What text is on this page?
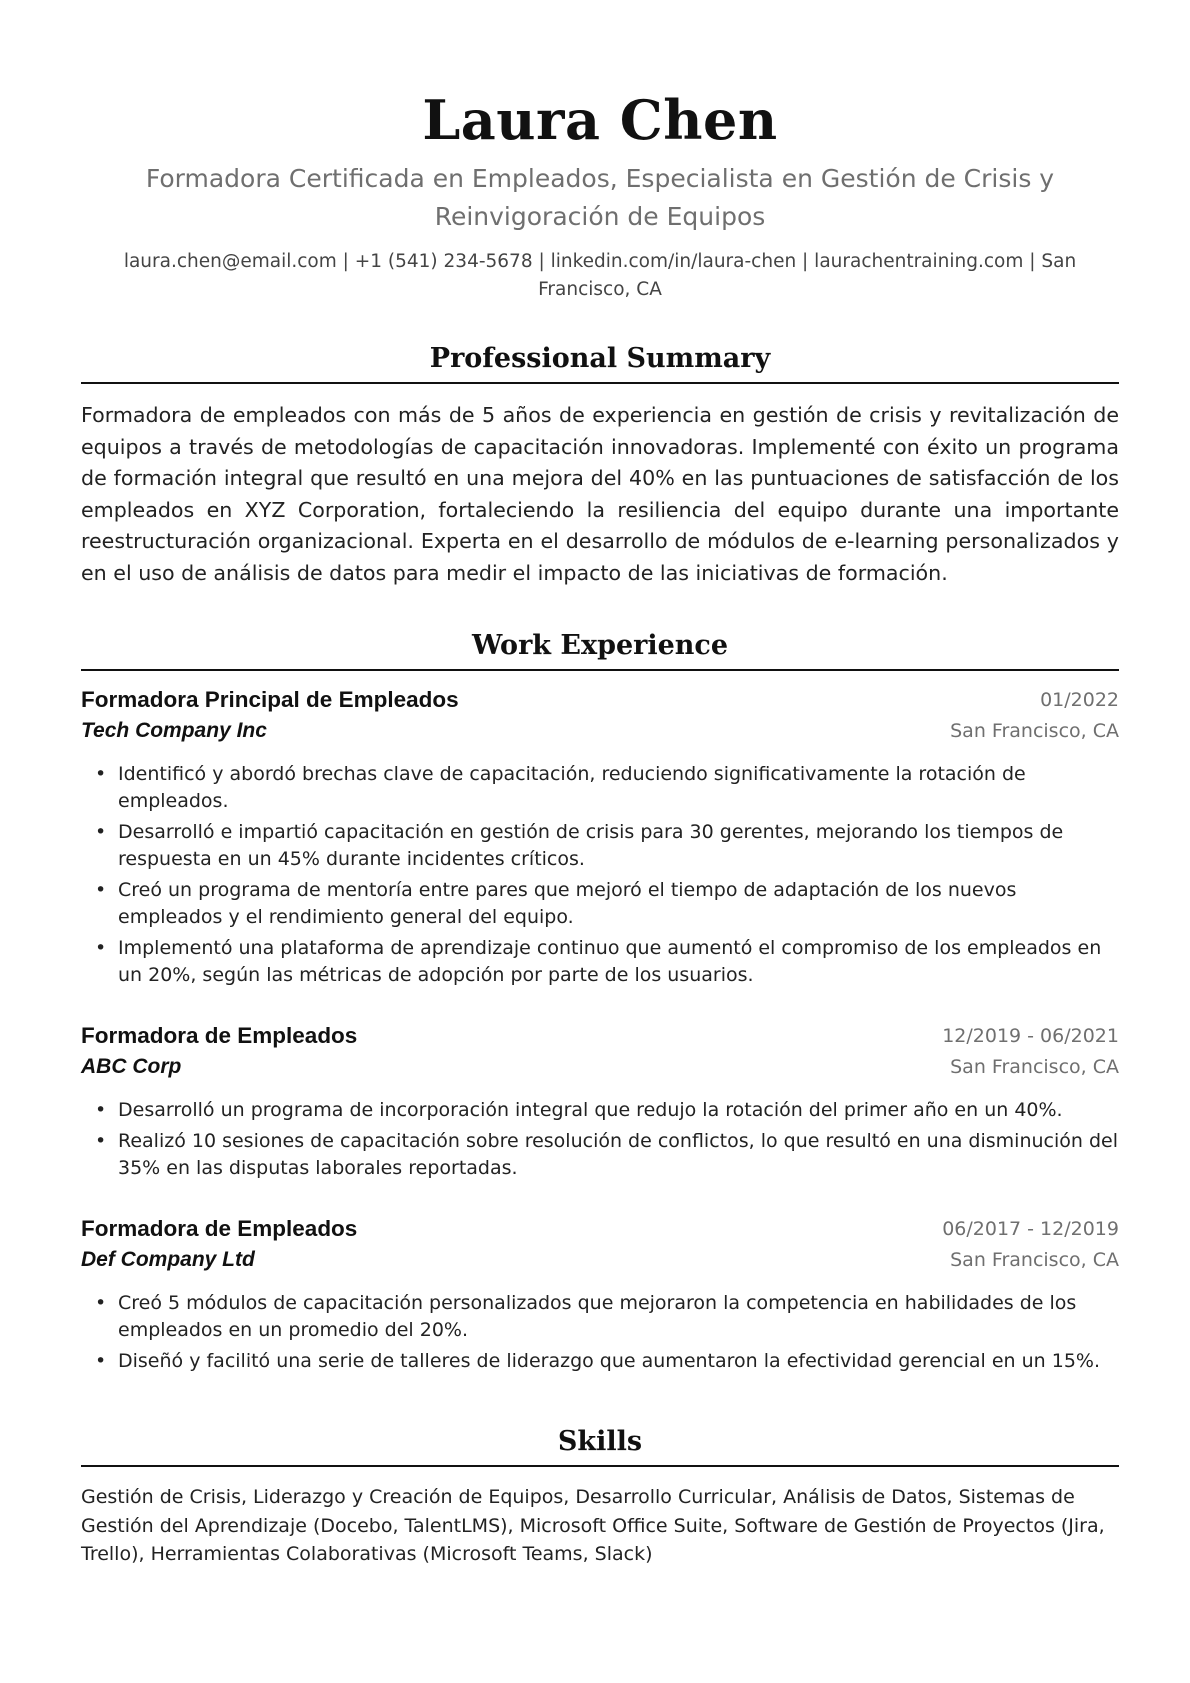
Laura Chen

Formadora Certificada en Empleados, Especialista en Gestión de Crisis y Reinvigoración de Equipos

laura.chen@email.com | +1 (541) 234-5678 | linkedin.com/in/laura-chen | laurachentraining.com | San Francisco, CA

Professional Summary

Formadora de empleados con más de 5 años de experiencia en gestión de crisis y revitalización de equipos a través de metodologías de capacitación innovadoras. Implementé con éxito un programa de formación integral que resultó en una mejora del 40% en las puntuaciones de satisfacción de los empleados en XYZ Corporation, fortaleciendo la resiliencia del equipo durante una importante reestructuración organizacional. Experta en el desarrollo de módulos de e-learning personalizados y en el uso de análisis de datos para medir el impacto de las iniciativas de formación.

Work Experience
Formadora Principal de Empleados
Tech Company Inc
01/2022
San Francisco, CA
• Identificó y abordó brechas clave de capacitación, reduciendo significativamente la rotación de empleados.
• Desarrolló e impartió capacitación en gestión de crisis para 30 gerentes, mejorando los tiempos de respuesta en un 45% durante incidentes críticos.
• Creó un programa de mentoría entre pares que mejoró el tiempo de adaptación de los nuevos empleados y el rendimiento general del equipo.
• Implementó una plataforma de aprendizaje continuo que aumentó el compromiso de los empleados en un 20%, según las métricas de adopción por parte de los usuarios.
Formadora de Empleados
ABC Corp
12/2019 - 06/2021
San Francisco, CA
• Desarrolló un programa de incorporación integral que redujo la rotación del primer año en un 40%.
• Realizó 10 sesiones de capacitación sobre resolución de conflictos, lo que resultó en una disminución del 35% en las disputas laborales reportadas.
Formadora de Empleados
Def Company Ltd
06/2017 - 12/2019
San Francisco, CA
• Creó 5 módulos de capacitación personalizados que mejoraron la competencia en habilidades de los empleados en un promedio del 20%.
• Diseñó y facilitó una serie de talleres de liderazgo que aumentaron la efectividad gerencial en un 15%.
Skills

Gestión de Crisis, Liderazgo y Creación de Equipos, Desarrollo Curricular, Análisis de Datos, Sistemas de Gestión del Aprendizaje (Docebo, TalentLMS), Microsoft Office Suite, Software de Gestión de Proyectos (Jira, Trello), Herramientas Colaborativas (Microsoft Teams, Slack)
